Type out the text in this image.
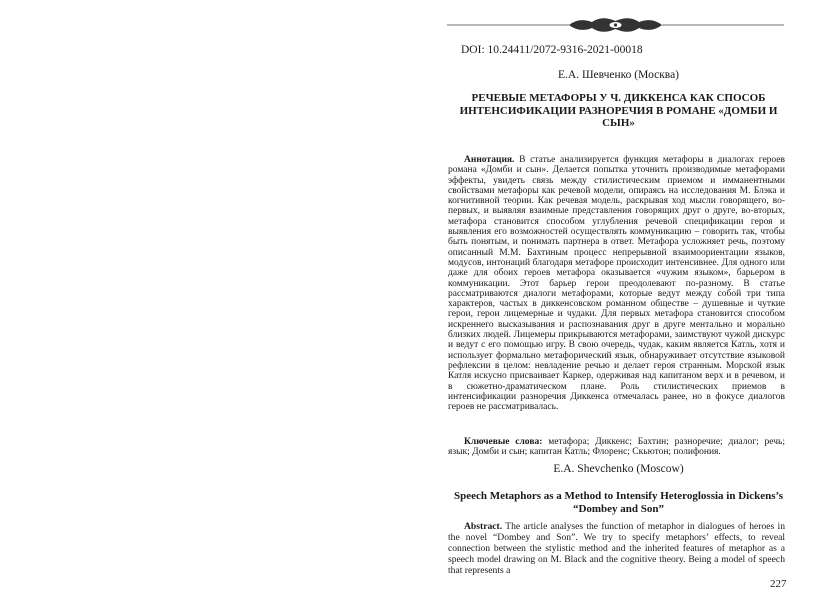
DOI: 10.24411/2072-9316-2021-00018
Е.А. Шевченко (Москва)
РЕЧЕВЫЕ МЕТАФОРЫ У Ч. ДИККЕНСА КАК СПОСОБ ИНТЕНСИФИКАЦИИ РАЗНОРЕЧИЯ В РОМАНЕ «ДОМБИ И СЫН»
Аннотация. В статье анализируется функция метафоры в диалогах героев романа «Домби и сын». Делается попытка уточнить производимые метафорами эффекты, увидеть связь между стилистическим приемом и имманентными свойствами метафоры как речевой модели, опираясь на исследования М. Блэка и когнитивной теории. Как речевая модель, раскрывая ход мысли говорящего, во-первых, и выявляя взаимные представления говорящих друг о друге, во-вторых, метафора становится способом углубления речевой спецификации героя и выявления его возможностей осуществлять коммуникацию – говорить так, чтобы быть понятым, и понимать партнера в ответ. Метафора усложняет речь, поэтому описанный М.М. Бахтиным процесс непрерывной взаимоориентации языков, модусов, интонаций благодаря метафоре происходит интенсивнее. Для одного или даже для обоих героев метафора оказывается «чужим языком», барьером в коммуникации. Этот барьер герои преодолевают по-разному. В статье рассматриваются диалоги метафорами, которые ведут между собой три типа характеров, частых в диккенсовском романном обществе – душевные и чуткие герои, герои лицемерные и чудаки. Для первых метафора становится способом искреннего высказывания и распознавания друг в друге ментально и морально близких людей. Лицемеры прикрываются метафорами, заимствуют чужой дискурс и ведут с его помощью игру. В свою очередь, чудак, каким является Катль, хотя и использует формально метафорический язык, обнаруживает отсутствие языковой рефлексии в целом: невладение речью и делает героя странным. Морской язык Катля искусно присваивает Каркер, одерживая над капитаном верх и в речевом, и в сюжетно-драматическом плане. Роль стилистических приемов в интенсификации разноречия Диккенса отмечалась ранее, но в фокусе диалогов героев не рассматривалась.
Ключевые слова: метафора; Диккенс; Бахтин; разноречие; диалог; речь; язык; Домби и сын; капитан Катль; Флоренс; Скьютон; полифония.
E.A. Shevchenko (Moscow)
Speech Metaphors as a Method to Intensify Heteroglossia in Dickens’s “Dombey and Son”
Abstract. The article analyses the function of metaphor in dialogues of heroes in the novel “Dombey and Son”. We try to specify metaphors’ effects, to reveal connection between the stylistic method and the inherited features of metaphor as a speech model drawing on M. Black and the cognitive theory. Being a model of speech that represents a
227
